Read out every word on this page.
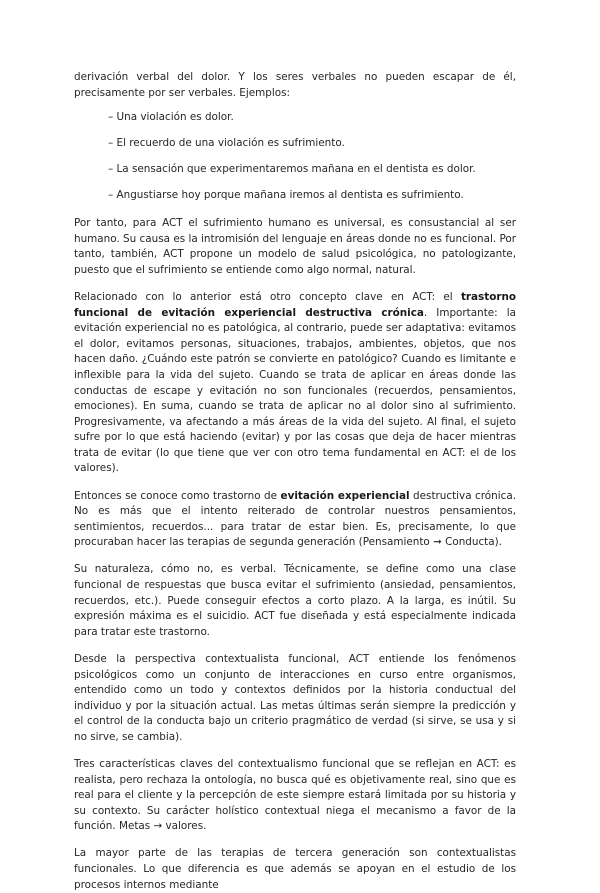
derivación verbal del dolor. Y los seres verbales no pueden escapar de él, precisamente por ser verbales. Ejemplos:

– Una violación es dolor.
– El recuerdo de una violación es sufrimiento.
– La sensación que experimentaremos mañana en el dentista es dolor.
– Angustiarse hoy porque mañana iremos al dentista es sufrimiento.

Por tanto, para ACT el sufrimiento humano es universal, es consustancial al ser humano. Su causa es la intromisión del lenguaje en áreas donde no es funcional. Por tanto, también, ACT propone un modelo de salud psicológica, no patologizante, puesto que el sufrimiento se entiende como algo normal, natural.

Relacionado con lo anterior está otro concepto clave en ACT: el trastorno funcional de evitación experiencial destructiva crónica. Importante: la evitación experiencial no es patológica, al contrario, puede ser adaptativa: evitamos el dolor, evitamos personas, situaciones, trabajos, ambientes, objetos, que nos hacen daño. ¿Cuándo este patrón se convierte en patológico? Cuando es limitante e inflexible para la vida del sujeto. Cuando se trata de aplicar en áreas donde las conductas de escape y evitación no son funcionales (recuerdos, pensamientos, emociones). En suma, cuando se trata de aplicar no al dolor sino al sufrimiento. Progresivamente, va afectando a más áreas de la vida del sujeto. Al final, el sujeto sufre por lo que está haciendo (evitar) y por las cosas que deja de hacer mientras trata de evitar (lo que tiene que ver con otro tema fundamental en ACT: el de los valores).

Entonces se conoce como trastorno de evitación experiencial destructiva crónica. No es más que el intento reiterado de controlar nuestros pensamientos, sentimientos, recuerdos... para tratar de estar bien. Es, precisamente, lo que procuraban hacer las terapias de segunda generación (Pensamiento ➞ Conducta).

Su naturaleza, cómo no, es verbal. Técnicamente, se define como una clase funcional de respuestas que busca evitar el sufrimiento (ansiedad, pensamientos, recuerdos, etc.). Puede conseguir efectos a corto plazo. A la larga, es inútil. Su expresión máxima es el suicidio. ACT fue diseñada y está especialmente indicada para tratar este trastorno.

Desde la perspectiva contextualista funcional, ACT entiende los fenómenos psicológicos como un conjunto de interacciones en curso entre organismos, entendido como un todo y contextos definidos por la historia conductual del individuo y por la situación actual. Las metas últimas serán siempre la predicción y el control de la conducta bajo un criterio pragmático de verdad (si sirve, se usa y si no sirve, se cambia).

Tres características claves del contextualismo funcional que se reflejan en ACT: es realista, pero rechaza la ontología, no busca qué es objetivamente real, sino que es real para el cliente y la percepción de este siempre estará limitada por su historia y su contexto. Su carácter holístico contextual niega el mecanismo a favor de la función. Metas → valores.

La mayor parte de las terapias de tercera generación son contextualistas funcionales. Lo que diferencia es que además se apoyan en el estudio de los procesos internos mediante
